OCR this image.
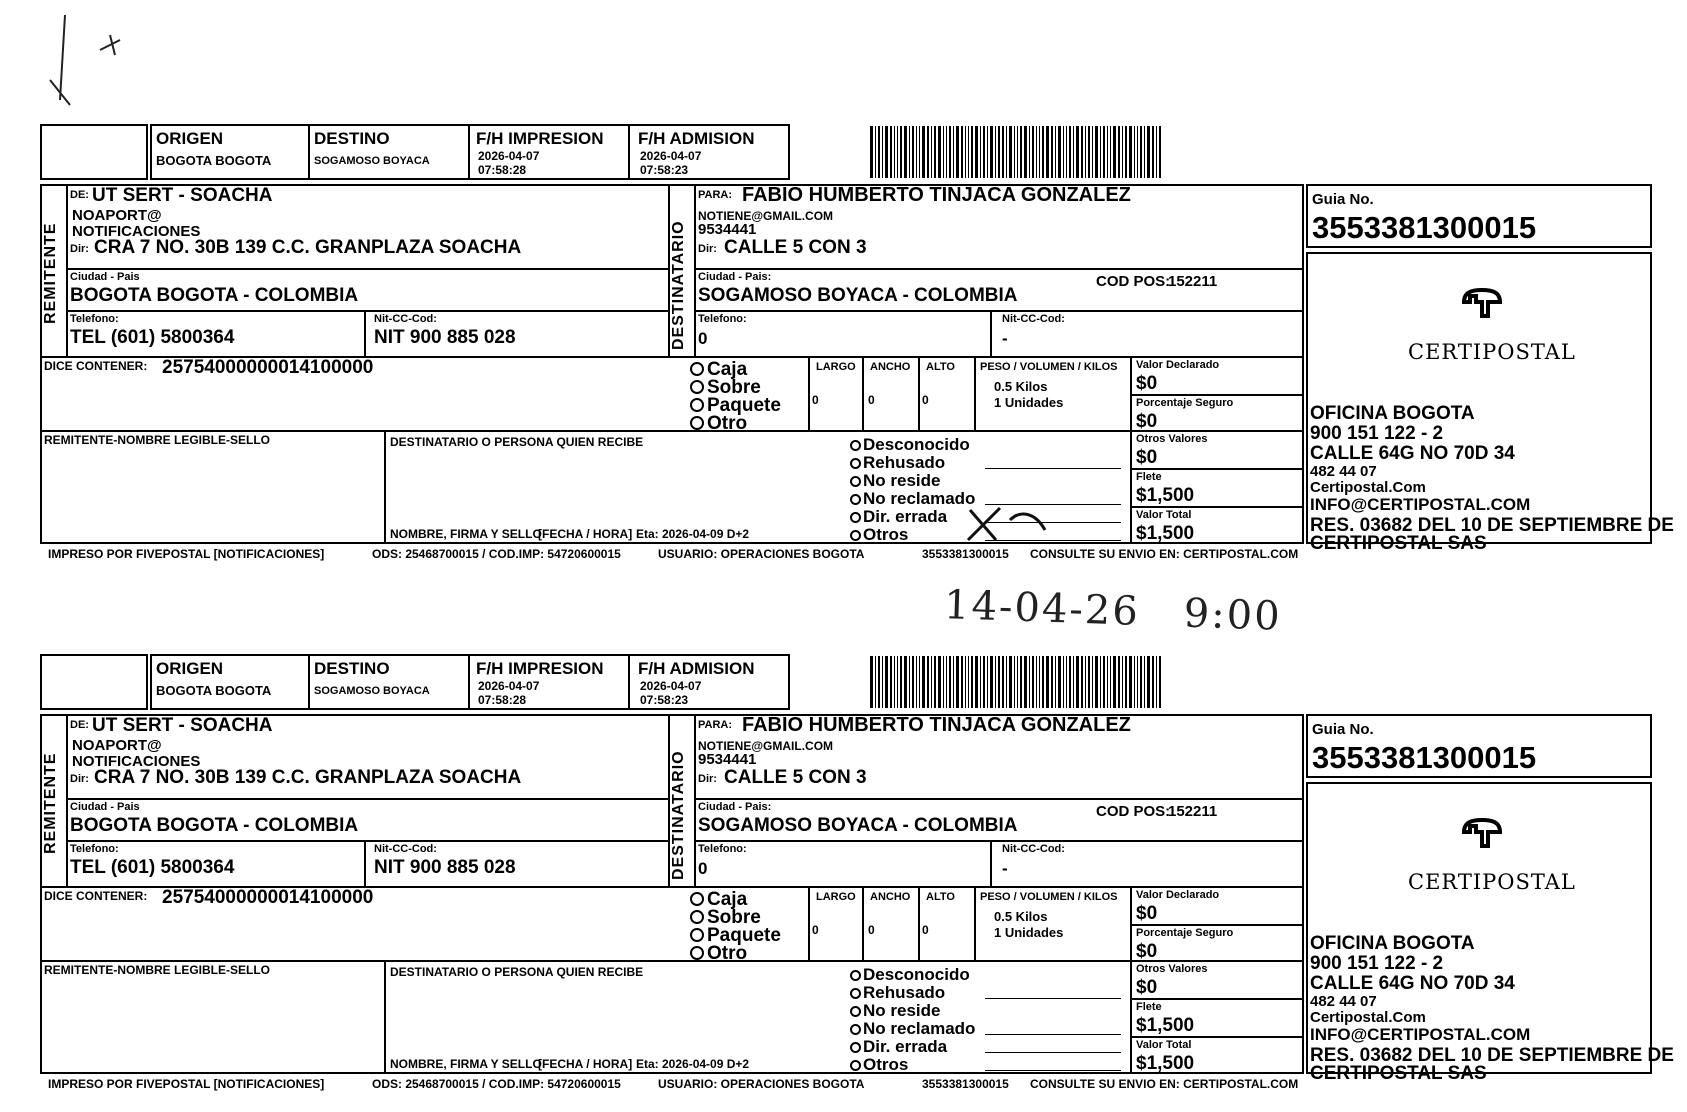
ORIGEN
BOGOTA BOGOTA
DESTINO
SOGAMOSO BOYACA
F/H IMPRESION
2026-04-07
07:58:28
F/H ADMISION
2026-04-07
07:58:23
REMITENTE
DE: UT SERT - SOACHA
NOAPORT@
NOTIFICACIONES
Dir: CRA 7 NO. 30B 139 C.C. GRANPLAZA SOACHA
Ciudad - Pais
BOGOTA BOGOTA - COLOMBIA
Telefono:
TEL (601) 5800364
Nit-CC-Cod:
NIT 900 885 028	DESTINATARIO
PARA: FABIO HUMBERTO TINJACA GONZALEZ
NOTIENE@GMAIL.COM
9534441
Dir: CALLE 5 CON 3
Ciudad - Pais:
SOGAMOSO BOYACA - COLOMBIA
COD POS:
152211
Telefono:
0
Nit-CC-Cod:
-
Guia No.
3553381300015
CERTIPOSTAL
OFICINA BOGOTA
900 151 122 - 2
CALLE 64G NO 70D 34
482 44 07
Certipostal.Com
INFO@CERTIPOSTAL.COM
RES. 03682 DEL 10 DE SEPTIEMBRE DE
CERTIPOSTAL SAS
DICE CONTENER: 25754000000014100000	Caja
Sobre
Paquete
Otro
LARGO ANCHO ALTO
0	0	0
PESO / VOLUMEN / KILOS
0.5 Kilos
1 Unidades
Valor Declarado
$0
Porcentaje Seguro
$0
REMITENTE-NOMBRE LEGIBLE-SELLO	DESTINATARIO O PERSONA QUIEN RECIBE
NOMBRE, FIRMA Y SELLO
[FECHA / HORA] Eta: 2026-04-09 D+2
Desconocido
Rehusado
No reside
No reclamado
Dir. errada
Otros
Otros Valores
$0
Flete
$1,500
Valor Total
$1,500
IMPRESO POR FIVEPOSTAL [NOTIFICACIONES]	ODS: 25468700015 / COD.IMP: 54720600015	USUARIO: OPERACIONES BOGOTA	3553381300015 CONSULTE SU ENVIO EN: CERTIPOSTAL.COM
ORIGEN
BOGOTA BOGOTA
DESTINO
SOGAMOSO BOYACA
F/H IMPRESION
2026-04-07
07:58:28
F/H ADMISION
2026-04-07
07:58:23
REMITENTE
DE: UT SERT - SOACHA
NOAPORT@
NOTIFICACIONES
Dir: CRA 7 NO. 30B 139 C.C. GRANPLAZA SOACHA
Ciudad - Pais
BOGOTA BOGOTA - COLOMBIA
Telefono:
TEL (601) 5800364
Nit-CC-Cod:
NIT 900 885 028	DESTINATARIO
PARA: FABIO HUMBERTO TINJACA GONZALEZ
NOTIENE@GMAIL.COM
9534441
Dir: CALLE 5 CON 3
Ciudad - Pais:
SOGAMOSO BOYACA - COLOMBIA
COD POS:
152211
Telefono:
0
Nit-CC-Cod:
-
Guia No.
3553381300015
CERTIPOSTAL
OFICINA BOGOTA
900 151 122 - 2
CALLE 64G NO 70D 34
482 44 07
Certipostal.Com
INFO@CERTIPOSTAL.COM
RES. 03682 DEL 10 DE SEPTIEMBRE DE
CERTIPOSTAL SAS
DICE CONTENER: 25754000000014100000	Caja
Sobre
Paquete
Otro
LARGO ANCHO ALTO
0	0	0
PESO / VOLUMEN / KILOS
0.5 Kilos
1 Unidades
Valor Declarado
$0
Porcentaje Seguro
$0
REMITENTE-NOMBRE LEGIBLE-SELLO	DESTINATARIO O PERSONA QUIEN RECIBE
NOMBRE, FIRMA Y SELLO
[FECHA / HORA] Eta: 2026-04-09 D+2
Desconocido
Rehusado
No reside
No reclamado
Dir. errada
Otros
Otros Valores
$0
Flete
$1,500
Valor Total
$1,500
IMPRESO POR FIVEPOSTAL [NOTIFICACIONES]	ODS: 25468700015 / COD.IMP: 54720600015	USUARIO: OPERACIONES BOGOTA	3553381300015 CONSULTE SU ENVIO EN: CERTIPOSTAL.COM
14-04-26   9:00
